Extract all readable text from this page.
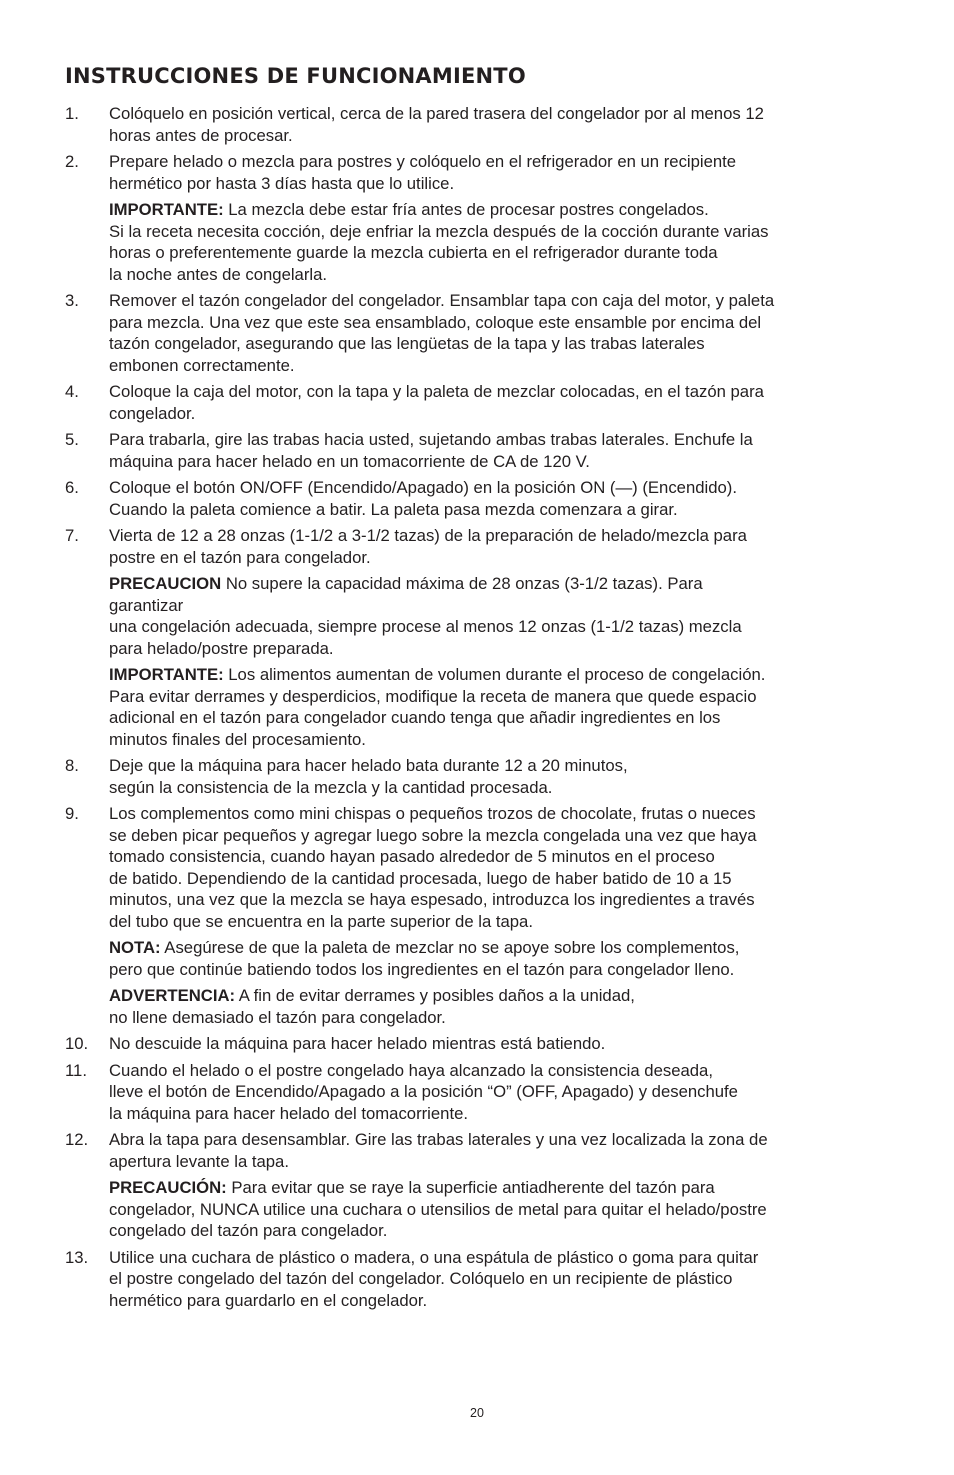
INSTRUCCIONES DE FUNCIONAMIENTO
1.	Colóquelo en posición vertical, cerca de la pared trasera del congelador por al menos 12
horas antes de procesar.
2.	Prepare helado o mezcla para postres y colóquelo en el refrigerador en un recipiente
hermético por hasta 3 días hasta que lo utilice.
IMPORTANTE: La mezcla debe estar fría antes de procesar postres congelados.
Si la receta necesita cocción, deje enfriar la mezcla después de la cocción durante varias
horas o preferentemente guarde la mezcla cubierta en el refrigerador durante toda
la noche antes de congelarla.
3.	Remover el tazón congelador del congelador. Ensamblar tapa con caja del motor, y paleta
para mezcla. Una vez que este sea ensamblado, coloque este ensamble por encima del
tazón congelador, asegurando que las lengüetas de la tapa y las trabas laterales
embonen correctamente.
4.	Coloque la caja del motor, con la tapa y la paleta de mezclar colocadas, en el tazón para
congelador.
5.	Para trabarla, gire las trabas hacia usted, sujetando ambas trabas laterales. Enchufe la
máquina para hacer helado en un tomacorriente de CA de 120 V.
6.	Coloque el botón ON/OFF (Encendido/Apagado) en la posición ON (—) (Encendido).
Cuando la paleta comience a batir. La paleta pasa mezda comenzara a girar.
7.	Vierta de 12 a 28 onzas (1-1/2 a 3-1/2 tazas) de la preparación de helado/mezcla para
postre en el tazón para congelador.
PRECAUCION No supere la capacidad máxima de 28 onzas (3-1/2 tazas). Para
garantizar
una congelación adecuada, siempre procese al menos 12 onzas (1-1/2 tazas) mezcla
para helado/postre preparada.
IMPORTANTE: Los alimentos aumentan de volumen durante el proceso de congelación.
Para evitar derrames y desperdicios, modifique la receta de manera que quede espacio
adicional en el tazón para congelador cuando tenga que añadir ingredientes en los
minutos finales del procesamiento.
8.	Deje que la máquina para hacer helado bata durante 12 a 20 minutos,
según la consistencia de la mezcla y la cantidad procesada.
9.	Los complementos como mini chispas o pequeños trozos de chocolate, frutas o nueces
se deben picar pequeños y agregar luego sobre la mezcla congelada una vez que haya
tomado consistencia, cuando hayan pasado alrededor de 5 minutos en el proceso
de batido. Dependiendo de la cantidad procesada, luego de haber batido de 10 a 15
minutos, una vez que la mezcla se haya espesado, introduzca los ingredientes a través
del tubo que se encuentra en la parte superior de la tapa.
NOTA: Asegúrese de que la paleta de mezclar no se apoye sobre los complementos,
pero que continúe batiendo todos los ingredientes en el tazón para congelador lleno.
ADVERTENCIA: A fin de evitar derrames y posibles daños a la unidad,
no llene demasiado el tazón para congelador.
10.	No descuide la máquina para hacer helado mientras está batiendo.
11.	Cuando el helado o el postre congelado haya alcanzado la consistencia deseada,
lleve el botón de Encendido/Apagado a la posición “O” (OFF, Apagado) y desenchufe
la máquina para hacer helado del tomacorriente.
12.	Abra la tapa para desensamblar. Gire las trabas laterales y una vez localizada la zona de
apertura levante la tapa.
PRECAUCIÓN: Para evitar que se raye la superficie antiadherente del tazón para
congelador, NUNCA utilice una cuchara o utensilios de metal para quitar el helado/postre
congelado del tazón para congelador.
13.	Utilice una cuchara de plástico o madera, o una espátula de plástico o goma para quitar
el postre congelado del tazón del congelador. Colóquelo en un recipiente de plástico
hermético para guardarlo en el congelador.
20
